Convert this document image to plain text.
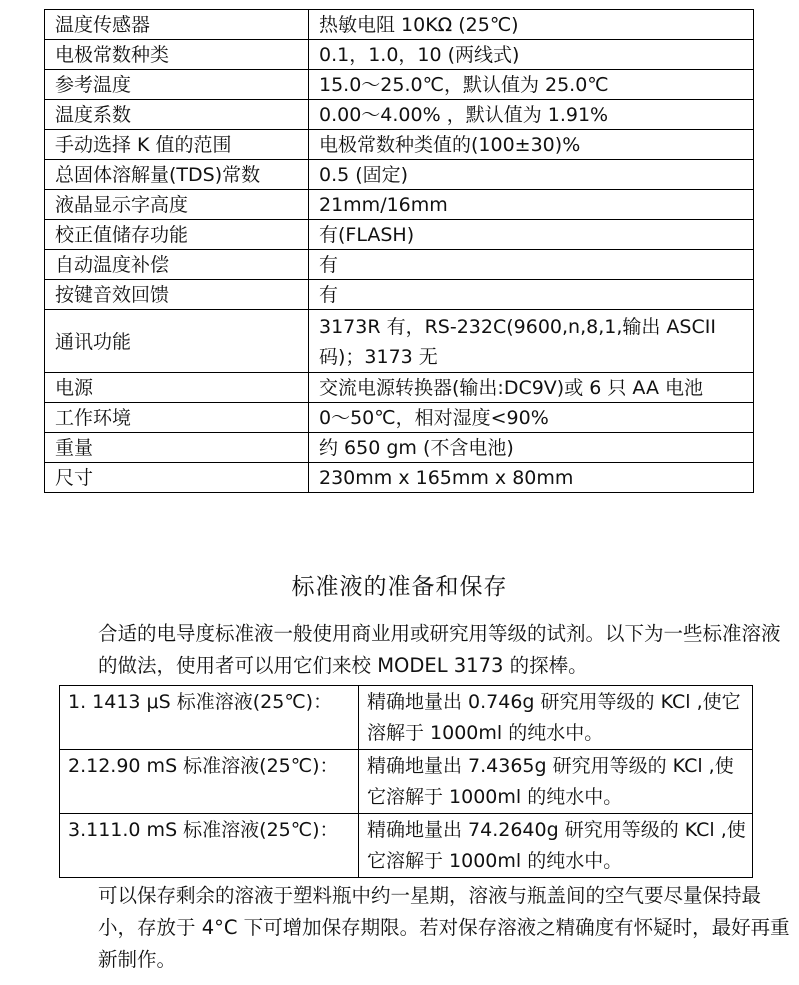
温度传感器	热敏电阻 10KΩ (25℃)
电极常数种类	0.1，1.0，10 (两线式)
参考温度	15.0～25.0℃，默认值为 25.0℃
温度系数	0.00～4.00% ，默认值为 1.91%
手动选择 K 值的范围	电极常数种类值的(100±30)%
总固体溶解量(TDS)常数	0.5 (固定)
液晶显示字高度	21mm/16mm
校正值储存功能	有(FLASH)
自动温度补偿	有
按键音效回馈	有
通讯功能	3173R 有，RS-232C(9600,n,8,1,输出 ASCII 码)；3173 无
电源	交流电源转换器(输出:DC9V)或 6 只 AA 电池
工作环境	0～50℃，相对湿度<90%
重量	约 650 gm (不含电池)
尺寸	230mm x 165mm x 80mm
标准液的准备和保存
合适的电导度标准液一般使用商业用或研究用等级的试剂。以下为一些标准溶液的做法，使用者可以用它们来校 MODEL 3173 的探棒。
1. 1413 μS 标准溶液(25℃)：	精确地量出 0.746g 研究用等级的 KCl ,使它溶解于 1000ml 的纯水中。
2.12.90 mS 标准溶液(25℃)：	精确地量出 7.4365g 研究用等级的 KCl ,使它溶解于 1000ml 的纯水中。
3.111.0 mS 标准溶液(25℃)：	精确地量出 74.2640g 研究用等级的 KCl ,使它溶解于 1000ml 的纯水中。
可以保存剩余的溶液于塑料瓶中约一星期，溶液与瓶盖间的空气要尽量保持最小，存放于 4°C 下可增加保存期限。若对保存溶液之精确度有怀疑时，最好再重新制作。
